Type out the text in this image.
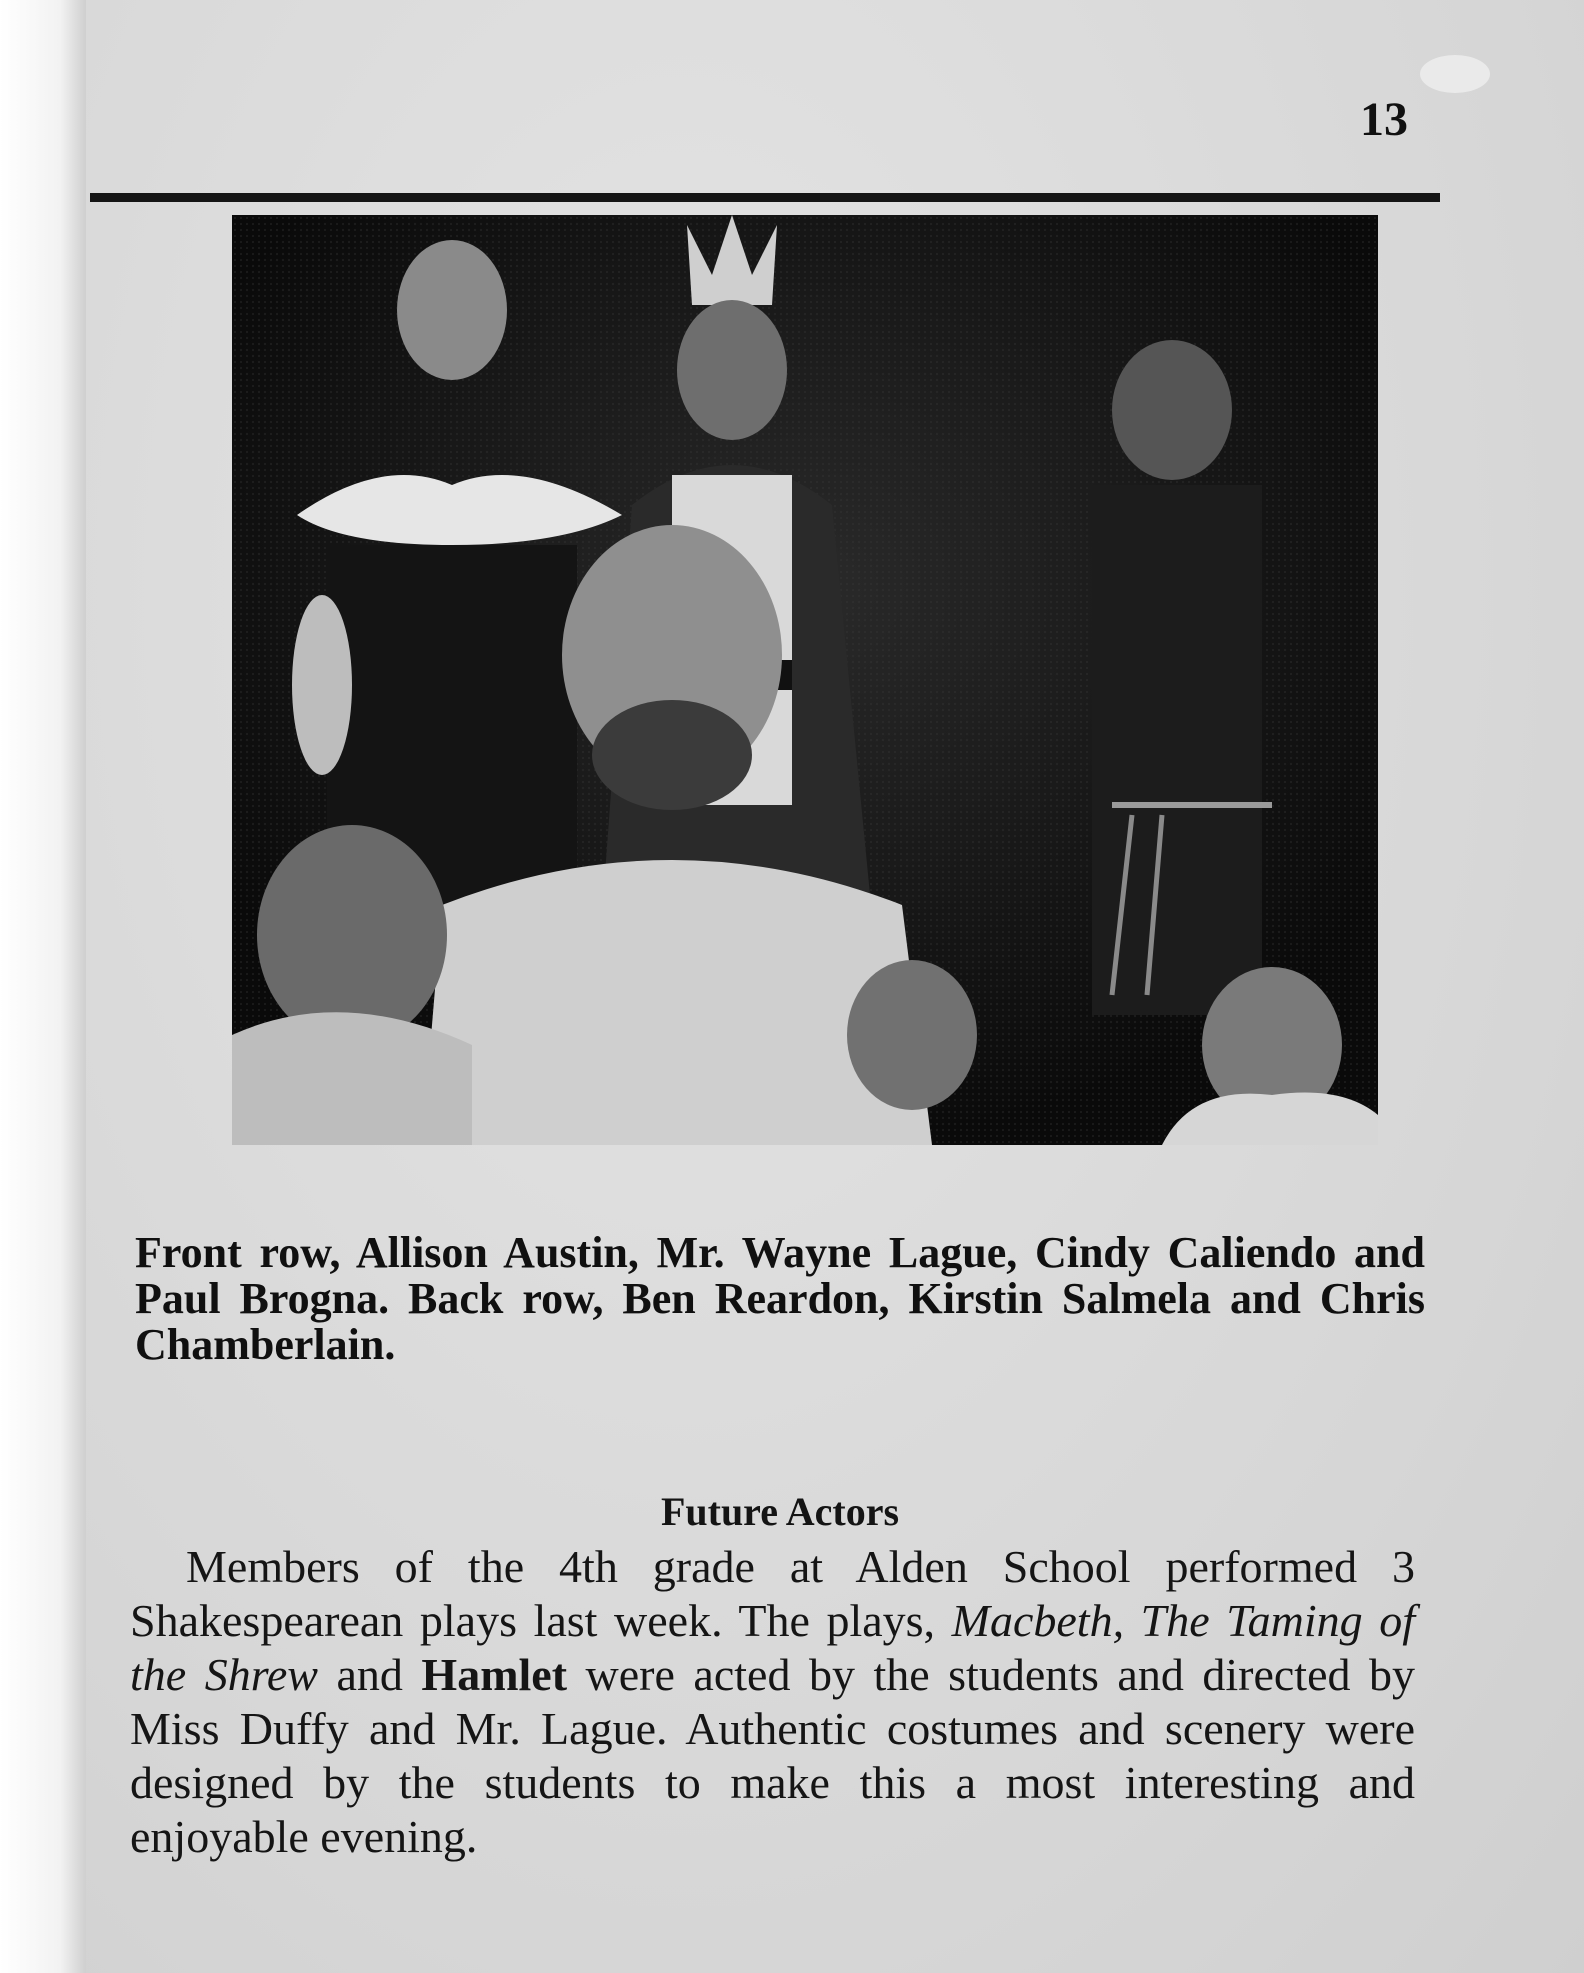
13
Front row, Allison Austin, Mr. Wayne Lague, Cindy Caliendo and Paul Brogna. Back row, Ben Reardon, Kirstin Salmela and Chris Chamberlain.
Future Actors
Members of the 4th grade at Alden School performed 3 Shakespearean plays last week. The plays, Macbeth, The Taming of the Shrew and Hamlet were acted by the students and directed by Miss Duffy and Mr. Lague. Authentic costumes and scenery were designed by the students to make this a most interesting and enjoyable evening.
